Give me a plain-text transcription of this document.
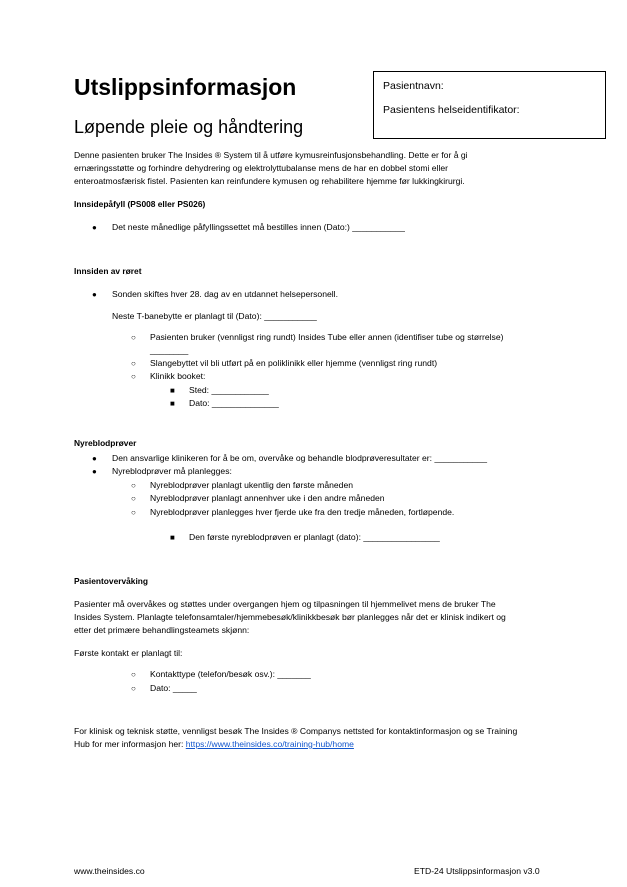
Utslippsinformasjon
Løpende pleie og håndtering
Pasientnavn:
Pasientens helseidentifikator:
Denne pasienten bruker The Insides ® System til å utføre kymusreinfusjonsbehandling. Dette er for å gi
ernæringsstøtte og forhindre dehydrering og elektrolyttubalanse mens de har en dobbel stomi eller
enteroatmosfærisk fistel. Pasienten kan reinfundere kymusen og rehabilitere hjemme før lukkingkirurgi.
Innsidepåfyll (PS008 eller PS026)
● Det neste månedlige påfyllingssettet må bestilles innen (Dato:) ___________
Innsiden av røret
● Sonden skiftes hver 28. dag av en utdannet helsepersonell.
Neste T-banebytte er planlagt til (Dato): ___________
○ Pasienten bruker (vennligst ring rundt) Insides Tube eller annen (identifiser tube og størrelse)
________
○ Slangebyttet vil bli utført på en poliklinikk eller hjemme (vennligst ring rundt)
○ Klinikk booket:
■ Sted: ____________
■ Dato: ______________
Nyreblodprøver
● Den ansvarlige klinikeren for å be om, overvåke og behandle blodprøveresultater er: ___________
● Nyreblodprøver må planlegges:
○ Nyreblodprøver planlagt ukentlig den første måneden
○ Nyreblodprøver planlagt annenhver uke i den andre måneden
○ Nyreblodprøver planlegges hver fjerde uke fra den tredje måneden, fortløpende.
■ Den første nyreblodprøven er planlagt (dato): ________________
Pasientovervåking
Pasienter må overvåkes og støttes under overgangen hjem og tilpasningen til hjemmelivet mens de bruker The
Insides System. Planlagte telefonsamtaler/hjemmebesøk/klinikkbesøk bør planlegges når det er klinisk indikert og
etter det primære behandlingsteamets skjønn:
Første kontakt er planlagt til:
○ Kontakttype (telefon/besøk osv.): _______
○ Dato: _____
For klinisk og teknisk støtte, vennligst besøk The Insides ® Companys nettsted for kontaktinformasjon og se Training
Hub for mer informasjon her: https://www.theinsides.co/training-hub/home
www.theinsides.co	ETD-24 Utslippsinformasjon v3.0
